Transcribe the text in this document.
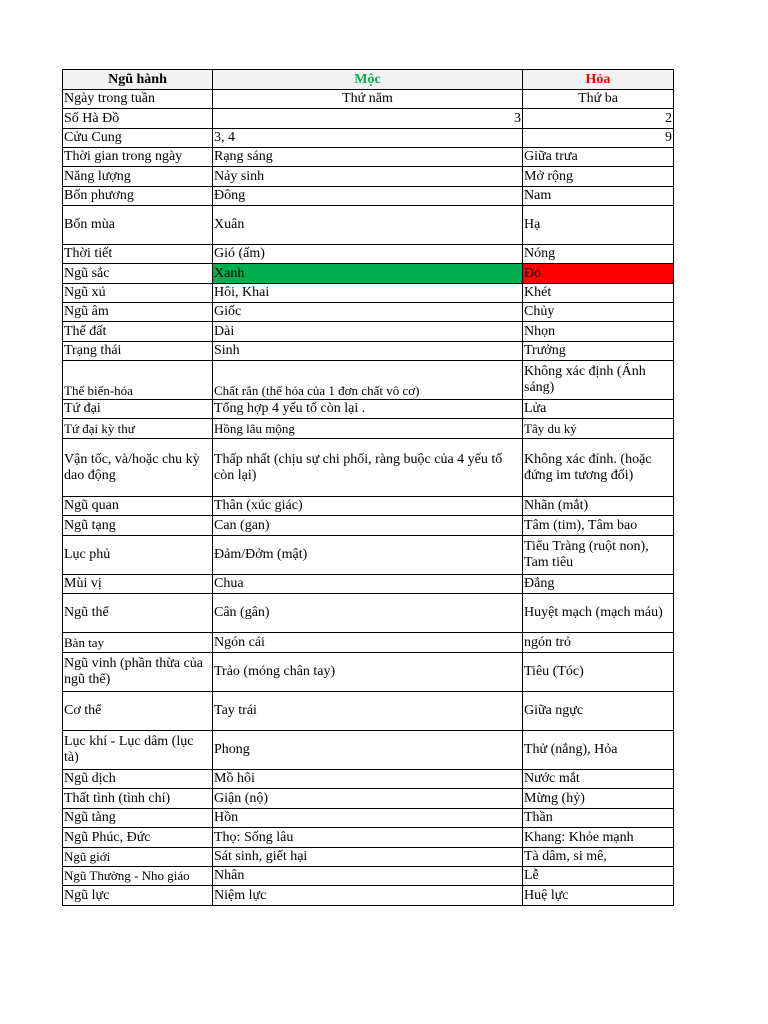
Ngũ hành	Mộc	Hỏa
Ngày trong tuần	Thứ năm	Thứ ba
Số Hà Đồ	3	2
Cửu Cung	3, 4	9
Thời gian trong ngày	Rạng sáng	Giữa trưa
Năng lượng	Nảy sinh	Mở rộng
Bốn phương	Đông	Nam
Bốn mùa	Xuân	Hạ
Thời tiết	Gió (ấm)	Nóng
Ngũ sắc	Xanh	Đỏ
Ngũ xú	Hôi, Khai	Khét
Ngũ âm	Giốc	Chủy
Thế đất	Dài	Nhọn
Trạng thái	Sinh	Trưởng
Thể biến-hóa	Chất rắn (thể hóa của 1 đơn chất vô cơ)	Không xác định (Ánh sáng)
Tứ đại	Tổng hợp 4 yếu tố còn lại .	Lửa
Tứ đại kỳ thư	Hồng lâu mộng	Tây du ký
Vận tốc, và/hoặc chu kỳ dao động	Thấp nhất (chịu sự chi phối, ràng buộc của 4 yếu tố còn lại)	Không xác đính. (hoặc đứng im tương đối)
Ngũ quan	Thân (xúc giác)	Nhãn (mắt)
Ngũ tạng	Can (gan)	Tâm (tim), Tâm bao
Lục phủ	Đảm/Đởm (mật)	Tiểu Tràng (ruột non), Tam tiêu
Mùi vị	Chua	Đắng
Ngũ thể	Cân (gân)	Huyệt mạch (mạch máu)
Bàn tay	Ngón cái	ngón trỏ
Ngũ vinh (phần thừa của ngũ thể)	Trảo (móng chân tay)	Tiêu (Tóc)
Cơ thể	Tay trái	Giữa ngực
Lục khí - Lục dâm (lục tà)	Phong	Thử (nắng), Hỏa
Ngũ dịch	Mồ hôi	Nước mắt
Thất tình (tình chí)	Giận (nộ)	Mừng (hỷ)
Ngũ tàng	Hồn	Thần
Ngũ Phúc, Đức	Thọ: Sống lâu	Khang: Khỏe mạnh
Ngũ giới	Sát sinh, giết hại	Tà dâm, si mê,
Ngũ Thường - Nho giáo	Nhân	Lễ
Ngũ lực	Niệm lực	Huệ lực
